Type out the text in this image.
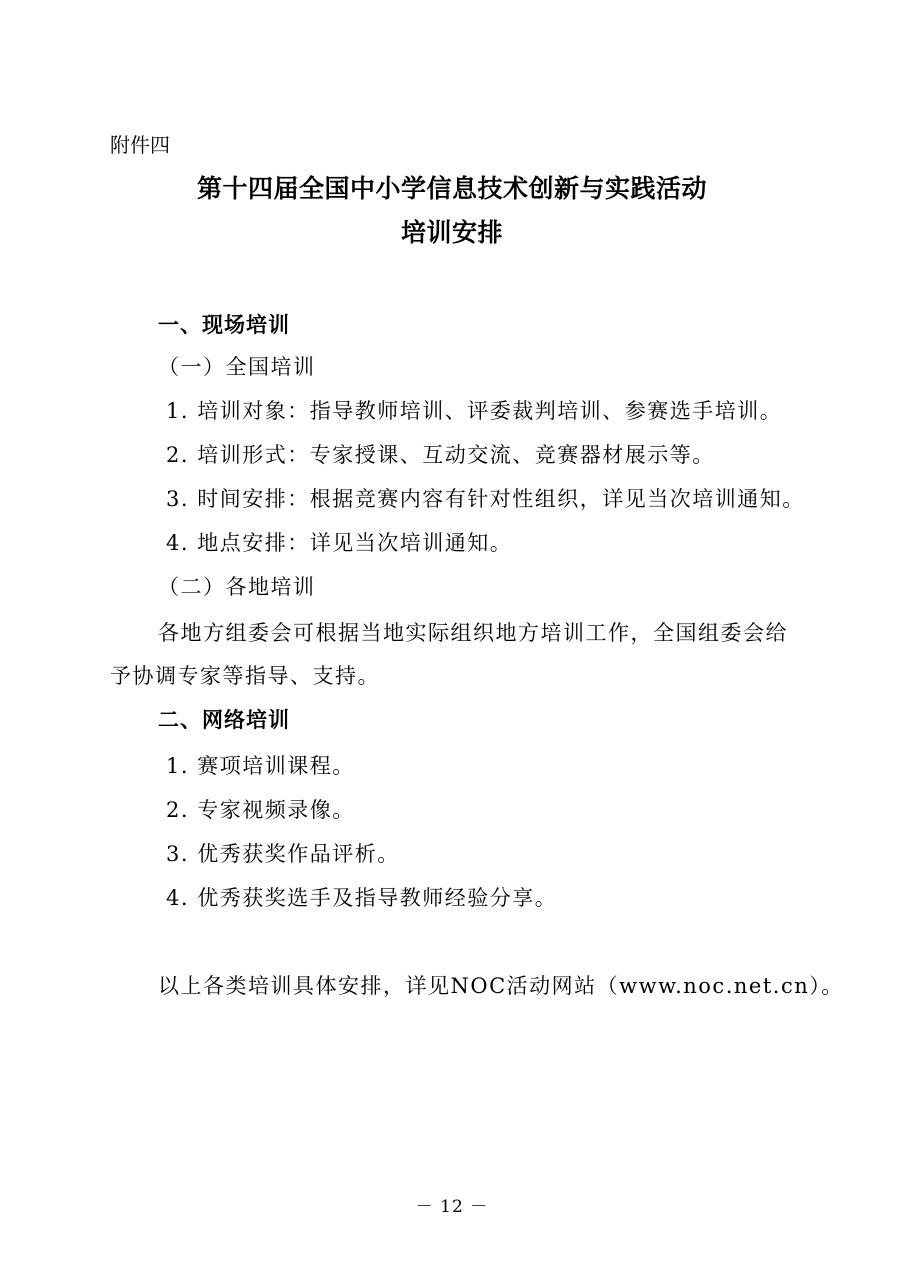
附件四
第十四届全国中小学信息技术创新与实践活动
培训安排
一、现场培训
（一）全国培训
1. 培训对象：指导教师培训、评委裁判培训、参赛选手培训。
2. 培训形式：专家授课、互动交流、竞赛器材展示等。
3. 时间安排：根据竞赛内容有针对性组织，详见当次培训通知。
4. 地点安排：详见当次培训通知。
（二）各地培训
各地方组委会可根据当地实际组织地方培训工作，全国组委会给
予协调专家等指导、支持。
二、网络培训
1. 赛项培训课程。
2. 专家视频录像。
3. 优秀获奖作品评析。
4. 优秀获奖选手及指导教师经验分享。
以上各类培训具体安排，详见NOC活动网站（www.noc.net.cn）。
－ 12 －
